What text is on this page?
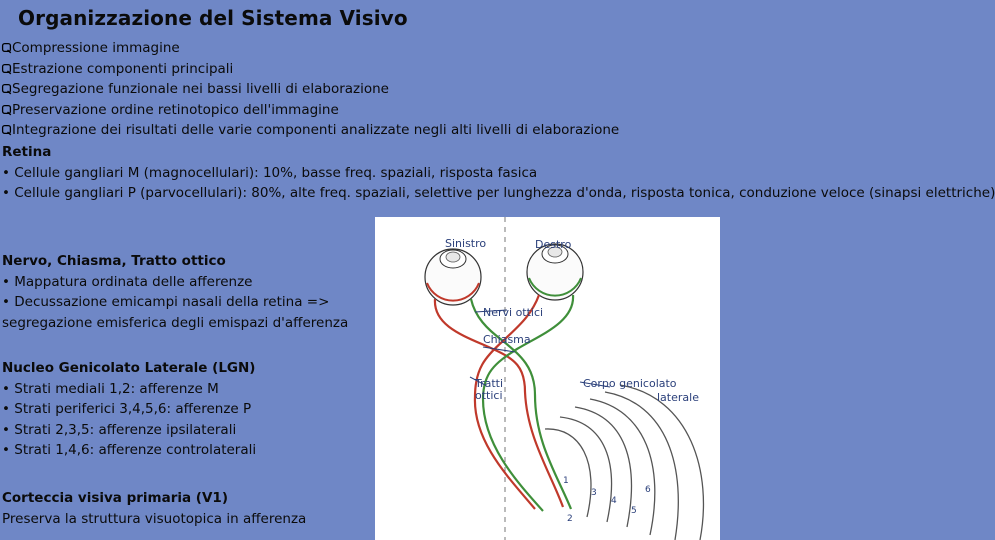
Organizzazione del Sistema Visivo
Compressione immagine
Estrazione componenti principali
Segregazione funzionale nei bassi livelli di elaborazione
Preservazione ordine retinotopico dell'immagine
Integrazione dei risultati delle varie componenti analizzate negli alti livelli di elaborazione
Retina
• Cellule gangliari M (magnocellulari): 10%, basse freq. spaziali, risposta fasica
• Cellule gangliari P (parvocellulari): 80%, alte freq. spaziali, selettive per lunghezza d'onda, risposta tonica, conduzione veloce (sinapsi elettriche)
Sinistro	Destro
Nervi ottici
Chiasma
Tratti
ottici
Corpo genicolato
laterale
1
2
3
4
5
6
Nervo, Chiasma, Tratto ottico
• Mappatura ordinata delle afferenze
• Decussazione emicampi nasali della retina =>
segregazione emisferica degli emispazi d'afferenza
Nucleo Genicolato Laterale (LGN)
• Strati mediali 1,2: afferenze M
• Strati periferici 3,4,5,6: afferenze P
• Strati 2,3,5: afferenze ipsilaterali
• Strati 1,4,6: afferenze controlaterali
Corteccia visiva primaria (V1)
Preserva la struttura visuotopica in afferenza
